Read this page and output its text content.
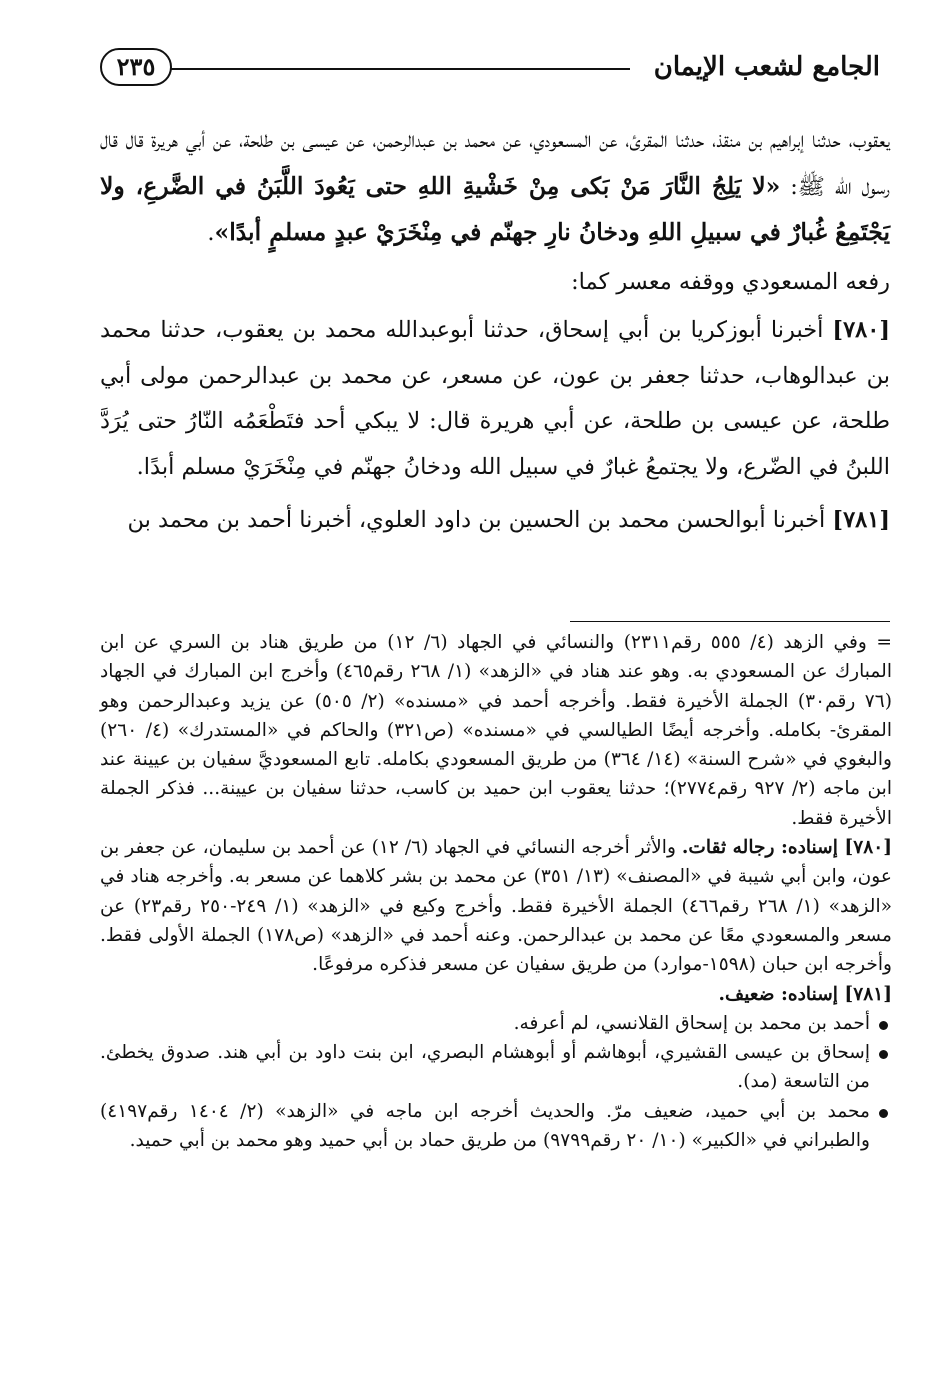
الجامع لشعب الإيمان
٢٣٥

يعقوب، حدثنا إبراهيم بن منقذ، حدثنا المقرئ، عن المسعودي، عن محمد بن عبدالرحمن، عن عيسى بن طلحة، عن أبي هريرة قال قال رسول الله ﷺ: «لا يَلِجُ النَّارَ مَنْ بَكى مِنْ خَشْيةِ اللهِ حتى يَعُودَ اللَّبَنُ في الضَّرعِ، ولا يَجْتَمِعُ غُبارٌ في سبيلِ اللهِ ودخانُ نارِ جهنّم في مِنْخَرَيْ عبدٍ مسلمٍ أبدًا».

رفعه المسعودي ووقفه معسر كما:

[٧٨٠] أخبرنا أبوزكريا بن أبي إسحاق، حدثنا أبوعبدالله محمد بن يعقوب، حدثنا محمد بن عبدالوهاب، حدثنا جعفر بن عون، عن مسعر، عن محمد بن عبدالرحمن مولى أبي طلحة، عن عيسى بن طلحة، عن أبي هريرة قال: لا يبكي أحد فتَطْعَمُه النّارُ حتى يُرَدَّ اللبنُ في الضّرع، ولا يجتمعُ غبارٌ في سبيل الله ودخانُ جهنّم في مِنْخَرَيْ مسلم أبدًا.

[٧٨١] أخبرنا أبوالحسن محمد بن الحسين بن داود العلوي، أخبرنا أحمد بن محمد بن

= وفي الزهد (٤/ ٥٥٥ رقم٢٣١١) والنسائي في الجهاد (٦/ ١٢) من طريق هناد بن السري عن ابن المبارك عن المسعودي به. وهو عند هناد في «الزهد» (١/ ٢٦٨ رقم٤٦٥) وأخرج ابن المبارك في الجهاد (٧٦ رقم٣٠) الجملة الأخيرة فقط. وأخرجه أحمد في «مسنده» (٢/ ٥٠٥) عن يزيد وعبدالرحمن وهو المقرئ- بكامله. وأخرجه أيضًا الطيالسي في «مسنده» (ص٣٢١) والحاكم في «المستدرك» (٤/ ٢٦٠) والبغوي في «شرح السنة» (١٤/ ٣٦٤) من طريق المسعودي بكامله. تابع المسعوديَّ سفيان بن عيينة عند ابن ماجه (٢/ ٩٢٧ رقم٢٧٧٤)؛ حدثنا يعقوب ابن حميد بن كاسب، حدثنا سفيان بن عيينة... فذكر الجملة الأخيرة فقط.

[٧٨٠] إسناده: رجاله ثقات. والأثر أخرجه النسائي في الجهاد (٦/ ١٢) عن أحمد بن سليمان، عن جعفر بن عون، وابن أبي شيبة في «المصنف» (١٣/ ٣٥١) عن محمد بن بشر كلاهما عن مسعر به. وأخرجه هناد في «الزهد» (١/ ٢٦٨ رقم٤٦٦) الجملة الأخيرة فقط. وأخرج وكيع في «الزهد» (١/ ٢٤٩-٢٥٠ رقم٢٣) عن مسعر والمسعودي معًا عن محمد بن عبدالرحمن. وعنه أحمد في «الزهد» (ص١٧٨) الجملة الأولى فقط. وأخرجه ابن حبان (١٥٩٨-موارد) من طريق سفيان عن مسعر فذكره مرفوعًا.

[٧٨١] إسناده: ضعيف.

أحمد بن محمد بن إسحاق القلانسي، لم أعرفه.
إسحاق بن عيسى القشيري، أبوهاشم أو أبوهشام البصري، ابن بنت داود بن أبي هند. صدوق يخطئ. من التاسعة (مد).
محمد بن أبي حميد، ضعيف مرّ. والحديث أخرجه ابن ماجه في «الزهد» (٢/ ١٤٠٤ رقم٤١٩٧) والطبراني في «الكبير» (١٠/ ٢٠ رقم٩٧٩٩) من طريق حماد بن أبي حميد وهو محمد بن أبي حميد.
